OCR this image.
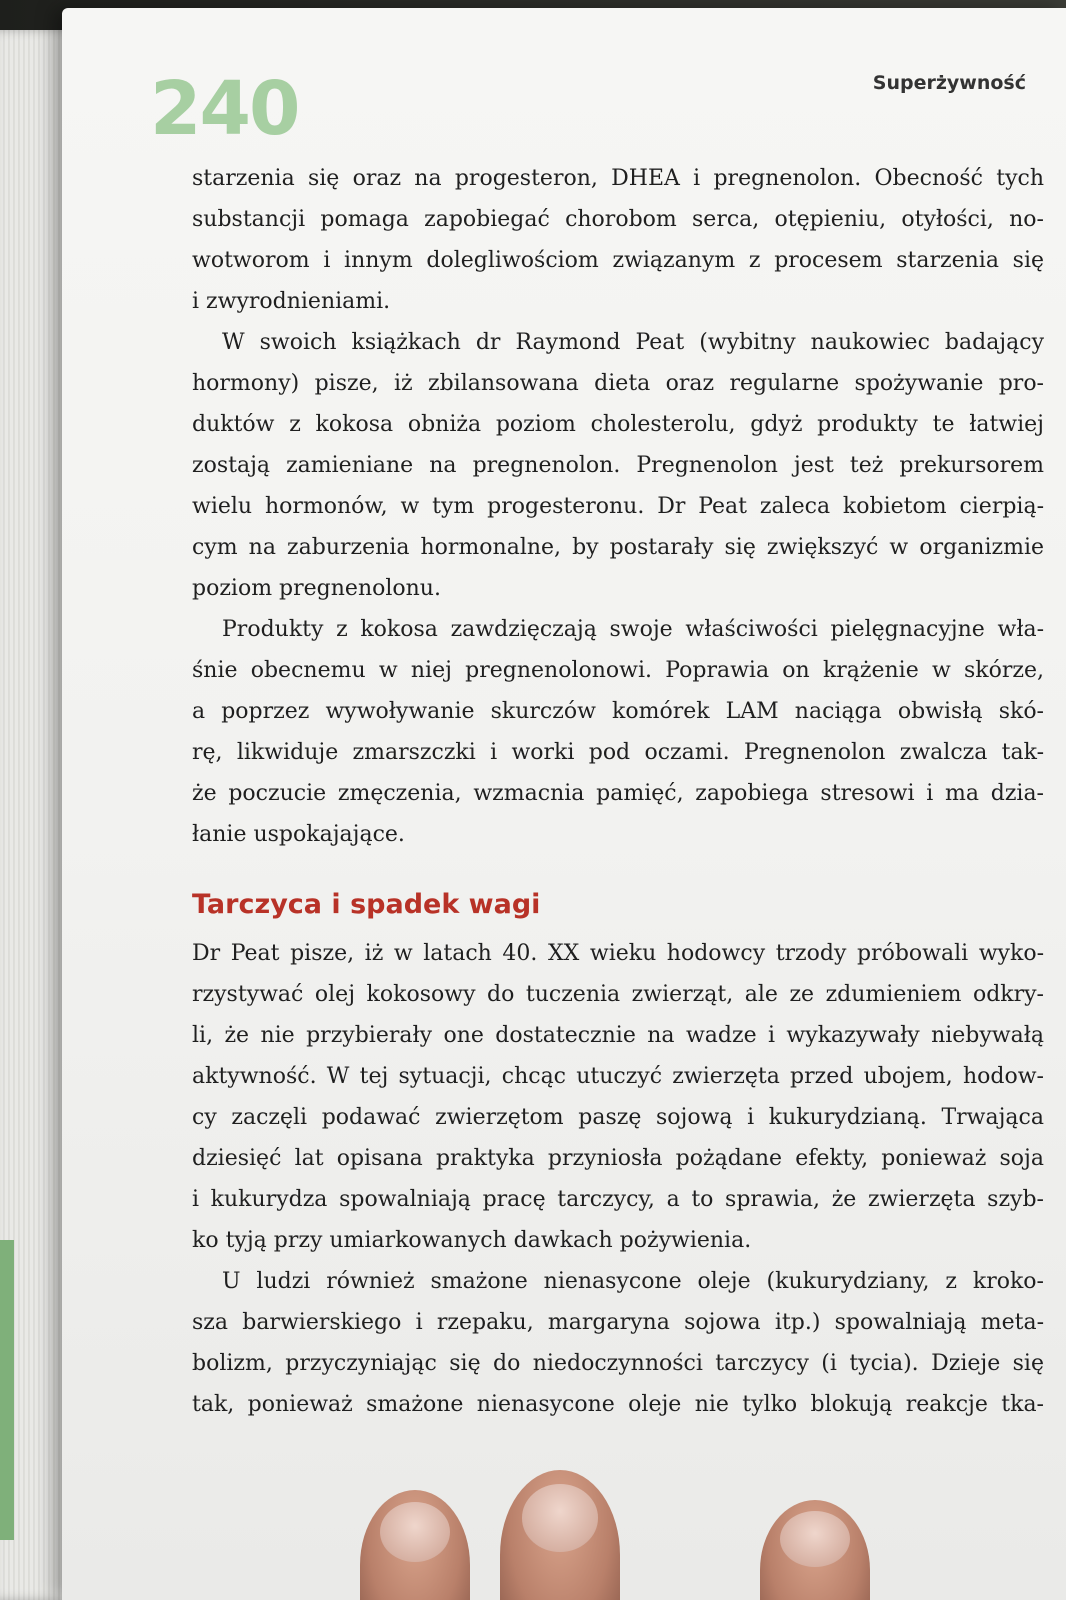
240	Superżywność
starzenia się oraz na progesteron, DHEA i pregnenolon. Obecność tych
substancji pomaga zapobiegać chorobom serca, otępieniu, otyłości, no-
wotworom i innym dolegliwościom związanym z procesem starzenia się
i zwyrodnieniami.
W swoich książkach dr Raymond Peat (wybitny naukowiec badający
hormony) pisze, iż zbilansowana dieta oraz regularne spożywanie pro-
duktów z kokosa obniża poziom cholesterolu, gdyż produkty te łatwiej
zostają zamieniane na pregnenolon. Pregnenolon jest też prekursorem
wielu hormonów, w tym progesteronu. Dr Peat zaleca kobietom cierpią-
cym na zaburzenia hormonalne, by postarały się zwiększyć w organizmie
poziom pregnenolonu.
Produkty z kokosa zawdzięczają swoje właściwości pielęgnacyjne wła-
śnie obecnemu w niej pregnenolonowi. Poprawia on krążenie w skórze,
a poprzez wywoływanie skurczów komórek LAM naciąga obwisłą skó-
rę, likwiduje zmarszczki i worki pod oczami. Pregnenolon zwalcza tak-
że poczucie zmęczenia, wzmacnia pamięć, zapobiega stresowi i ma dzia-
łanie uspokajające.
Tarczyca i spadek wagi
Dr Peat pisze, iż w latach 40. XX wieku hodowcy trzody próbowali wyko-
rzystywać olej kokosowy do tuczenia zwierząt, ale ze zdumieniem odkry-
li, że nie przybierały one dostatecznie na wadze i wykazywały niebywałą
aktywność. W tej sytuacji, chcąc utuczyć zwierzęta przed ubojem, hodow-
cy zaczęli podawać zwierzętom paszę sojową i kukurydzianą. Trwająca
dziesięć lat opisana praktyka przyniosła pożądane efekty, ponieważ soja
i kukurydza spowalniają pracę tarczycy, a to sprawia, że zwierzęta szyb-
ko tyją przy umiarkowanych dawkach pożywienia.
U ludzi również smażone nienasycone oleje (kukurydziany, z kroko-
sza barwierskiego i rzepaku, margaryna sojowa itp.) spowalniają meta-
bolizm, przyczyniając się do niedoczynności tarczycy (i tycia). Dzieje się
tak, ponieważ smażone nienasycone oleje nie tylko blokują reakcje tka-
